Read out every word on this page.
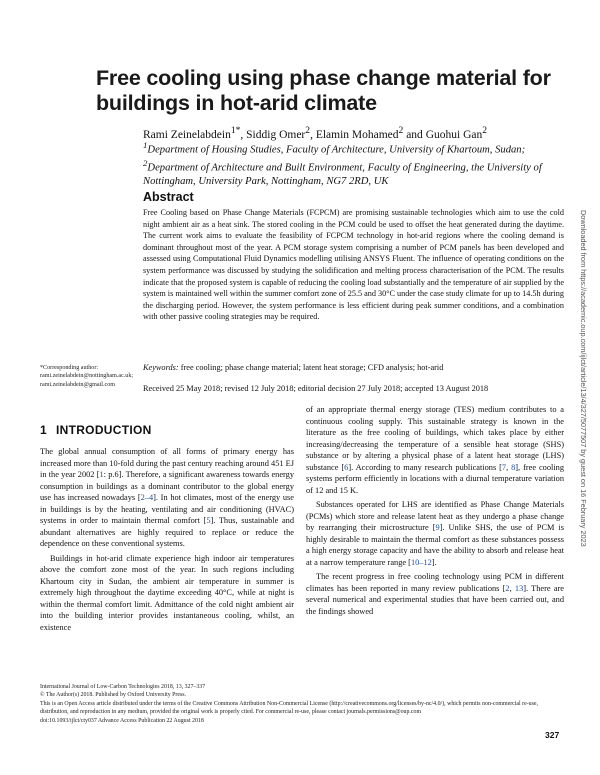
Free cooling using phase change material for buildings in hot-arid climate
Rami Zeinelabdein$^{1*}$, Siddig Omer$^2$, Elamin Mohamed$^2$ and Guohui Gan$^2$
$^1$Department of Housing Studies, Faculty of Architecture, University of Khartoum, Sudan; $^2$Department of Architecture and Built Environment, Faculty of Engineering, the University of Nottingham, University Park, Nottingham, NG7 2RD, UK
Abstract
Free Cooling based on Phase Change Materials (FCPCM) are promising sustainable technologies which aim to use the cold night ambient air as a heat sink. The stored cooling in the PCM could be used to offset the heat generated during the daytime. The current work aims to evaluate the feasibility of FCPCM technology in hot-arid regions where the cooling demand is dominant throughout most of the year. A PCM storage system comprising a number of PCM panels has been developed and assessed using Computational Fluid Dynamics modelling utilising ANSYS Fluent. The influence of operating conditions on the system performance was discussed by studying the solidification and melting process characterisation of the PCM. The results indicate that the proposed system is capable of reducing the cooling load substantially and the temperature of air supplied by the system is maintained well within the summer comfort zone of 25.5 and 30°C under the case study climate for up to 14.5h during the discharging period. However, the system performance is less efficient during peak summer conditions, and a combination with other passive cooling strategies may be required.
*Corresponding author: rami.zeinelabdein@nottingham.ac.uk; rami.zeinelabdein@gmail.com
Keywords: free cooling; phase change material; latent heat storage; CFD analysis; hot-arid
Received 25 May 2018; revised 12 July 2018; editorial decision 27 July 2018; accepted 13 August 2018
1 INTRODUCTION

The global annual consumption of all forms of primary energy has increased more than 10-fold during the past century reaching around 451 EJ in the year 2002 [1: p.6]. Therefore, a significant awareness towards energy consumption in buildings as a dominant contributor to the global energy use has increased nowadays [2–4]. In hot climates, most of the energy use in buildings is by the heating, ventilating and air conditioning (HVAC) systems in order to maintain thermal comfort [5]. Thus, sustainable and abundant alternatives are highly required to replace or reduce the dependence on these conventional systems.

Buildings in hot-arid climate experience high indoor air temperatures above the comfort zone most of the year. In such regions including Khartoum city in Sudan, the ambient air temperature in summer is extremely high throughout the daytime exceeding 40°C, while at night is within the thermal comfort limit. Admittance of the cold night ambient air into the building interior provides instantaneous cooling, whilst, an existence

of an appropriate thermal energy storage (TES) medium contributes to a continuous cooling supply. This sustainable strategy is known in the literature as the free cooling of buildings, which takes place by either increasing/decreasing the temperature of a sensible heat storage (SHS) substance or by altering a physical phase of a latent heat storage (LHS) substance [6]. According to many research publications [7, 8], free cooling systems perform efficiently in locations with a diurnal temperature variation of 12 and 15 K.

Substances operated for LHS are identified as Phase Change Materials (PCMs) which store and release latent heat as they undergo a phase change by rearranging their microstructure [9]. Unlike SHS, the use of PCM is highly desirable to maintain the thermal comfort as these substances possess a high energy storage capacity and have the ability to absorb and release heat at a narrow temperature range [10–12].

The recent progress in free cooling technology using PCM in different climates has been reported in many review publications [2, 13]. There are several numerical and experimental studies that have been carried out, and the findings showed

International Journal of Low-Carbon Technologies 2018, 13, 327–337
© The Author(s) 2018. Published by Oxford University Press.
This is an Open Access article distributed under the terms of the Creative Commons Attribution Non-Commercial License (http://creativecommons.org/licenses/by-nc/4.0/), which permits non-commercial re-use, distribution, and reproduction in any medium, provided the original work is properly cited. For commercial re-use, please contact journals.permissions@oup.com
doi:10.1093/ijlct/cty037 Advance Access Publication 22 August 2018
327
Downloaded from https://academic.oup.com/ijlct/article/13/4/327/5077507 by guest on 16 February 2023
